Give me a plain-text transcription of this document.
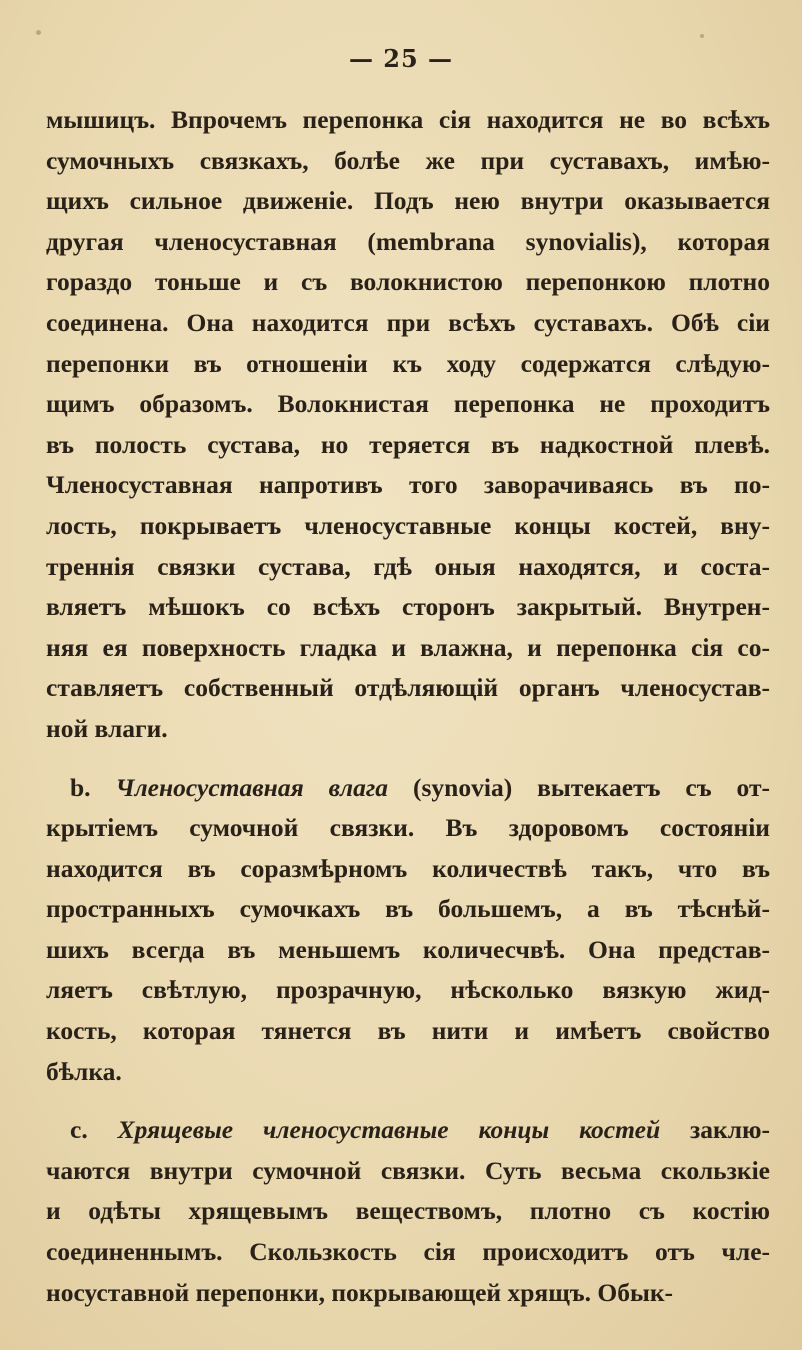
— 25 —
мышицъ. Впрочемъ перепонка сія находится не во всѣхъ
сумочныхъ связкахъ, болѣе же при суставахъ, имѣю-
щихъ сильное движеніе. Подъ нею внутри оказывается
другая членосуставная (membrana synovialis), которая
гораздо тоньше и съ волокнистою перепонкою плотно
соединена. Она находится при всѣхъ суставахъ. Обѣ сіи
перепонки въ отношеніи къ ходу содержатся слѣдую-
щимъ образомъ. Волокнистая перепонка не проходитъ
въ полость сустава, но теряется въ надкостной плевѣ.
Членосуставная напротивъ того заворачиваясь въ по-
лость, покрываетъ членосуставные концы костей, вну-
треннія связки сустава, гдѣ оныя находятся, и соста-
вляетъ мѣшокъ со всѣхъ сторонъ закрытый. Внутрен-
няя ея поверхность гладка и влажна, и перепонка сія со-
ставляетъ собственный отдѣляющій органъ членосустав-
ной влаги.
b. Членосуставная влага (synovia) вытекаетъ съ от-
крытіемъ сумочной связки. Въ здоровомъ состояніи
находится въ соразмѣрномъ количествѣ такъ, что въ
пространныхъ сумочкахъ въ большемъ, а въ тѣснѣй-
шихъ всегда въ меньшемъ количесчвѣ. Она представ-
ляетъ свѣтлую, прозрачную, нѣсколько вязкую жид-
кость, которая тянется въ нити и имѣетъ свойство
бѣлка.
c. Хрящевые членосуставные концы костей заклю-
чаются внутри сумочной связки. Суть весьма скользкіе
и одѣты хрящевымъ веществомъ, плотно съ костію
соединеннымъ. Скользкость сія происходитъ отъ чле-
носуставной перепонки, покрывающей хрящъ. Обык-
